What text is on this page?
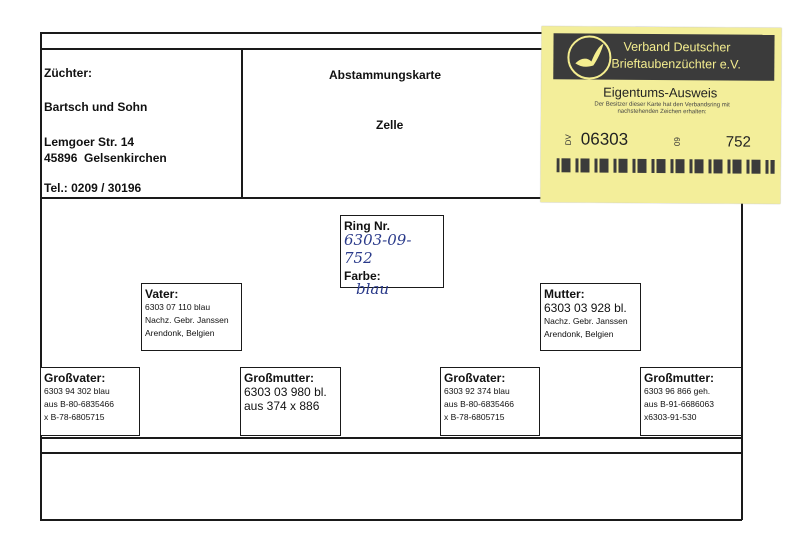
Züchter:
Bartsch und Sohn
Lemgoer Str. 14
45896  Gelsenkirchen
Tel.: 0209 / 30196
Abstammungskarte
Zelle
Verband Deutscher
Brieftaubenzüchter e.V.
Eigentums-Ausweis
Der Besitzer dieser Karte hat den Verbandsring mit nachstehenden Zeichen erhalten:
DV 06303	09	752
Ring Nr.
6303-09-752
Farbe:
blau
Vater:
6303 07 110 blau
Nachz. Gebr. Janssen
Arendonk, Belgien
Mutter:
6303 03 928 bl.
Nachz. Gebr. Janssen
Arendonk, Belgien
Großvater:
6303 94 302 blau
aus B-80-6835466
x B-78-6805715
Großmutter:
6303 03 980 bl.
aus 374 x 886
Großvater:
6303 92 374 blau
aus B-80-6835466
x B-78-6805715
Großmutter:
6303 96 866 geh.
aus B-91-6686063
x6303-91-530
